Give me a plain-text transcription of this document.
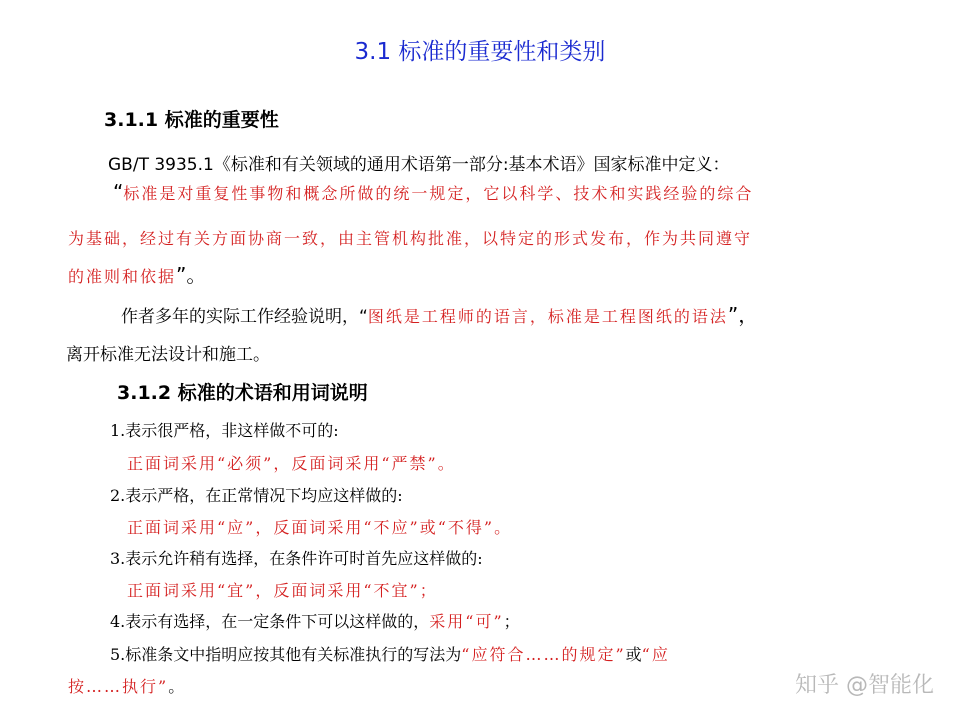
3.1 标准的重要性和类别
3.1.1 标准的重要性
GB/T 3935.1《标准和有关领域的通用术语第一部分:基本术语》国家标准中定义：
“标准是对重复性事物和概念所做的统一规定，它以科学、技术和实践经验的综合
为基础，经过有关方面协商一致，由主管机构批准，以特定的形式发布，作为共同遵守
的准则和依据”。
作者多年的实际工作经验说明，“图纸是工程师的语言，标准是工程图纸的语法”，
离开标准无法设计和施工。
3.1.2 标准的术语和用词说明
1.表示很严格，非这样做不可的:
正面词采用“必须”，反面词采用“严禁”。
2.表示严格，在正常情况下均应这样做的:
正面词采用“应”，反面词采用“不应”或“不得”。
3.表示允许稍有选择，在条件许可时首先应这样做的:
正面词采用“宜”，反面词采用“不宜”；
4.表示有选择，在一定条件下可以这样做的，采用“可”；
5.标准条文中指明应按其他有关标准执行的写法为“应符合……的规定”或“应
按……执行”。	知乎 @智能化
